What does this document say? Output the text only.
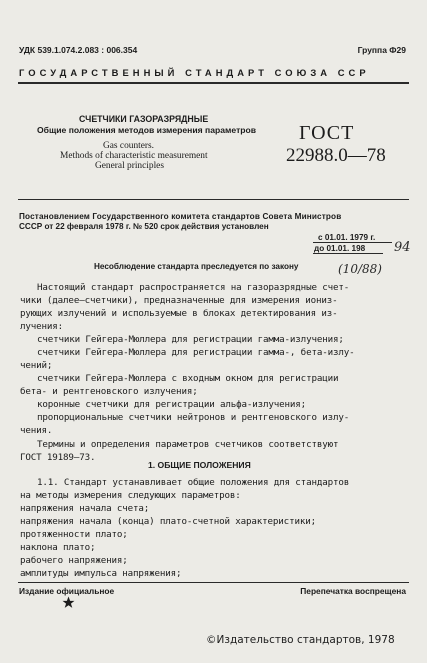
УДК 539.1.074.2.083 : 006.354	Группа Ф29
ГОСУДАРСТВЕННЫЙ СТАНДАРТ СОЮЗА ССР
СЧЕТЧИКИ ГАЗОРАЗРЯДНЫЕ
Общие положения методов измерения параметров
Gas counters.
Methods of characteristic measurement
General principles
ГОСТ
22988.0—78
Постановлением Государственного комитета стандартов Совета Министров
СССР от 22 февраля 1978 г. № 520 срок действия установлен
с 01.01. 1979 г.
до 01.01. 198 94
Несоблюдение стандарта преследуется по закону	(10/88)
Настоящий стандарт распространяется на газоразрядные счет-
чики (далее—счетчики), предназначенные для измерения иониз-
рующих излучений и используемые в блоках детектирования из-
лучения:
счетчики Гейгера-Мюллера для регистрации гамма-излучения;
счетчики Гейгера-Мюллера для регистрации гамма-, бета-излу-
чений;
счетчики Гейгера-Мюллера с входным окном для регистрации
бета- и рентгеновского излучения;
коронные счетчики для регистрации альфа-излучения;
пропорциональные счетчики нейтронов и рентгеновского излу-
чения.
Термины и определения параметров счетчиков соответствуют
ГОСТ 19189—73.
1. ОБЩИЕ ПОЛОЖЕНИЯ
1.1. Стандарт устанавливает общие положения для стандартов
на методы измерения следующих параметров:
напряжения начала счета;
напряжения начала (конца) плато-счетной характеристики;
протяженности плато;
наклона плато;
рабочего напряжения;
амплитуды импульса напряжения;
Издание официальное	Перепечатка воспрещена
©Издательство стандартов, 1978
